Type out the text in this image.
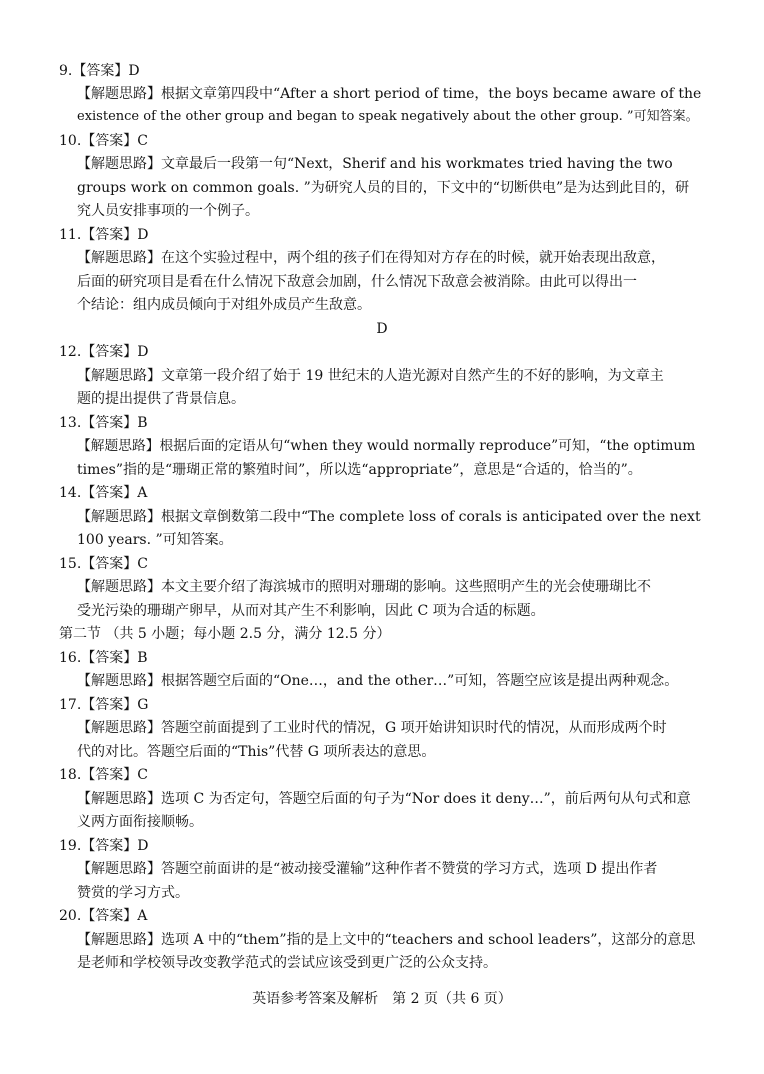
9.【答案】D
【解题思路】根据文章第四段中“After a short period of time，the boys became aware of the
existence of the other group and began to speak negatively about the other group. ”可知答案。
10.【答案】C
【解题思路】文章最后一段第一句“Next，Sherif and his workmates tried having the two
groups work on common goals. ”为研究人员的目的，下文中的“切断供电”是为达到此目的，研
究人员安排事项的一个例子。
11.【答案】D
【解题思路】在这个实验过程中，两个组的孩子们在得知对方存在的时候，就开始表现出敌意，
后面的研究项目是看在什么情况下敌意会加剧，什么情况下敌意会被消除。由此可以得出一
个结论：组内成员倾向于对组外成员产生敌意。
D
12.【答案】D
【解题思路】文章第一段介绍了始于 19 世纪末的人造光源对自然产生的不好的影响，为文章主
题的提出提供了背景信息。
13.【答案】B
【解题思路】根据后面的定语从句“when they would normally reproduce”可知，“the optimum
times”指的是“珊瑚正常的繁殖时间”，所以选“appropriate”，意思是“合适的，恰当的”。
14.【答案】A
【解题思路】根据文章倒数第二段中“The complete loss of corals is anticipated over the next
100 years. ”可知答案。
15.【答案】C
【解题思路】本文主要介绍了海滨城市的照明对珊瑚的影响。这些照明产生的光会使珊瑚比不
受光污染的珊瑚产卵早，从而对其产生不利影响，因此 C 项为合适的标题。
第二节 （共 5 小题；每小题 2.5 分，满分 12.5 分）
16.【答案】B
【解题思路】根据答题空后面的“One…，and the other…”可知，答题空应该是提出两种观念。
17.【答案】G
【解题思路】答题空前面提到了工业时代的情况，G 项开始讲知识时代的情况，从而形成两个时
代的对比。答题空后面的“This”代替 G 项所表达的意思。
18.【答案】C
【解题思路】选项 C 为否定句，答题空后面的句子为“Nor does it deny…”，前后两句从句式和意
义两方面衔接顺畅。
19.【答案】D
【解题思路】答题空前面讲的是“被动接受灌输”这种作者不赞赏的学习方式，选项 D 提出作者
赞赏的学习方式。
20.【答案】A
【解题思路】选项 A 中的“them”指的是上文中的“teachers and school leaders”，这部分的意思
是老师和学校领导改变教学范式的尝试应该受到更广泛的公众支持。
英语参考答案及解析　第 2 页（共 6 页）
